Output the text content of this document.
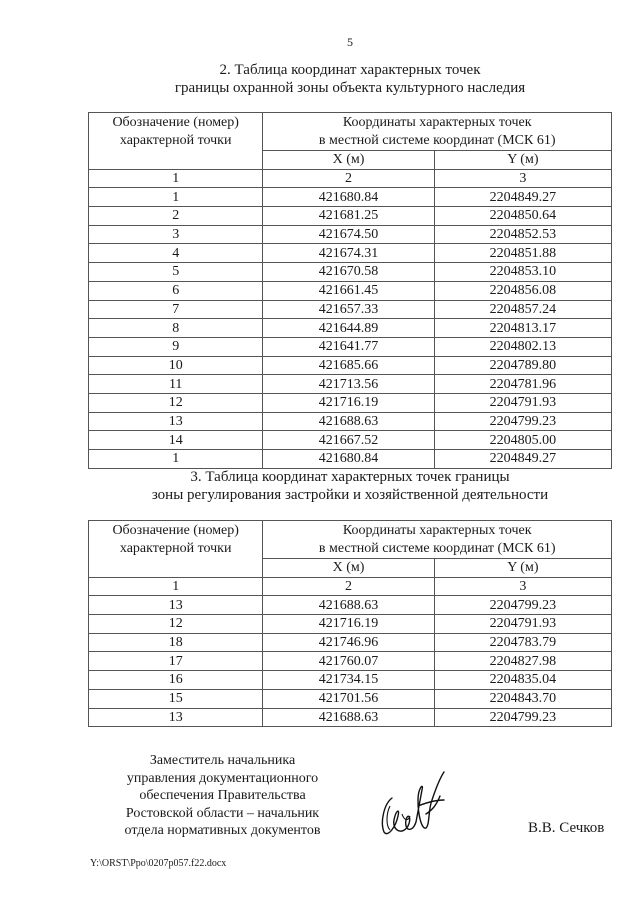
5
2. Таблица координат характерных точек
границы охранной зоны объекта культурного наследия
Обозначение (номер)
характерной точки

Координаты характерных точек
в местной системе координат (МСК 61)

	X (м)	Y (м)
1	2	3
1	421680.84	2204849.27
2	421681.25	2204850.64
3	421674.50	2204852.53
4	421674.31	2204851.88
5	421670.58	2204853.10
6	421661.45	2204856.08
7	421657.33	2204857.24
8	421644.89	2204813.17
9	421641.77	2204802.13
10	421685.66	2204789.80
11	421713.56	2204781.96
12	421716.19	2204791.93
13	421688.63	2204799.23
14	421667.52	2204805.00
1	421680.84	2204849.27
3. Таблица координат характерных точек границы
зоны регулирования застройки и хозяйственной деятельности
Обозначение (номер)
характерной точки

Координаты характерных точек
в местной системе координат (МСК 61)

	X (м)	Y (м)
1	2	3
13	421688.63	2204799.23
12	421716.19	2204791.93
18	421746.96	2204783.79
17	421760.07	2204827.98
16	421734.15	2204835.04
15	421701.56	2204843.70
13	421688.63	2204799.23
Заместитель начальника
управления документационного
обеспечения Правительства
Ростовской области – начальник
отдела нормативных документов	В.В. Сечков
Y:\ORST\Ppo\0207p057.f22.docx
